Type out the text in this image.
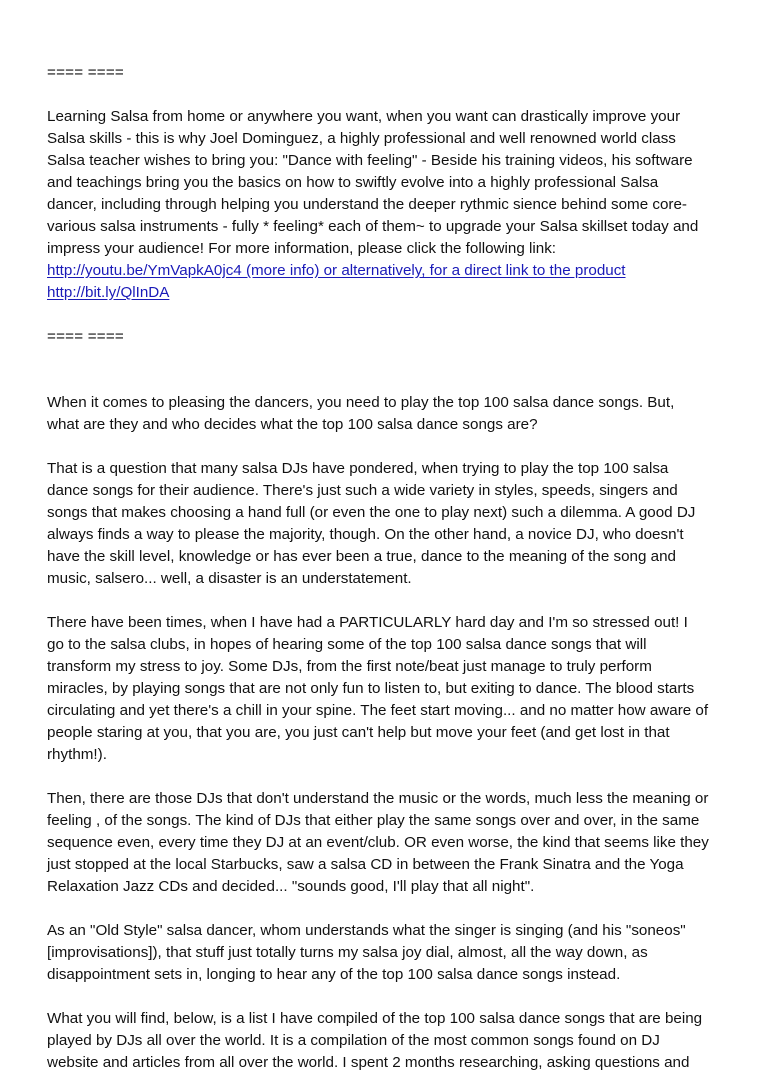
==== ====
Learning Salsa from home or anywhere you want, when you want can drastically improve your
Salsa skills - this is why Joel Dominguez, a highly professional and well renowned world class
Salsa teacher wishes to bring you: "Dance with feeling" - Beside his training videos, his software
and teachings bring you the basics on how to swiftly evolve into a highly professional Salsa
dancer, including through helping you understand the deeper rythmic sience behind some core-
various salsa instruments - fully * feeling* each of them~ to upgrade your Salsa skillset today and
impress your audience! For more information, please click the following link:
http://youtu.be/YmVapkA0jc4 (more info) or alternatively, for a direct link to the product
http://bit.ly/QlInDA
==== ====
When it comes to pleasing the dancers, you need to play the top 100 salsa dance songs. But,
what are they and who decides what the top 100 salsa dance songs are?
That is a question that many salsa DJs have pondered, when trying to play the top 100 salsa
dance songs for their audience. There's just such a wide variety in styles, speeds, singers and
songs that makes choosing a hand full (or even the one to play next) such a dilemma. A good DJ
always finds a way to please the majority, though. On the other hand, a novice DJ, who doesn't
have the skill level, knowledge or has ever been a true, dance to the meaning of the song and
music, salsero... well, a disaster is an understatement.
There have been times, when I have had a PARTICULARLY hard day and I'm so stressed out! I
go to the salsa clubs, in hopes of hearing some of the top 100 salsa dance songs that will
transform my stress to joy. Some DJs, from the first note/beat just manage to truly perform
miracles, by playing songs that are not only fun to listen to, but exiting to dance. The blood starts
circulating and yet there's a chill in your spine. The feet start moving... and no matter how aware of
people staring at you, that you are, you just can't help but move your feet (and get lost in that
rhythm!).
Then, there are those DJs that don't understand the music or the words, much less the meaning or
feeling , of the songs. The kind of DJs that either play the same songs over and over, in the same
sequence even, every time they DJ at an event/club. OR even worse, the kind that seems like they
just stopped at the local Starbucks, saw a salsa CD in between the Frank Sinatra and the Yoga
Relaxation Jazz CDs and decided... "sounds good, I'll play that all night".
As an "Old Style" salsa dancer, whom understands what the singer is singing (and his "soneos"
[improvisations]), that stuff just totally turns my salsa joy dial, almost, all the way down, as
disappointment sets in, longing to hear any of the top 100 salsa dance songs instead.
What you will find, below, is a list I have compiled of the top 100 salsa dance songs that are being
played by DJs all over the world. It is a compilation of the most common songs found on DJ
website and articles from all over the world. I spent 2 months researching, asking questions and
